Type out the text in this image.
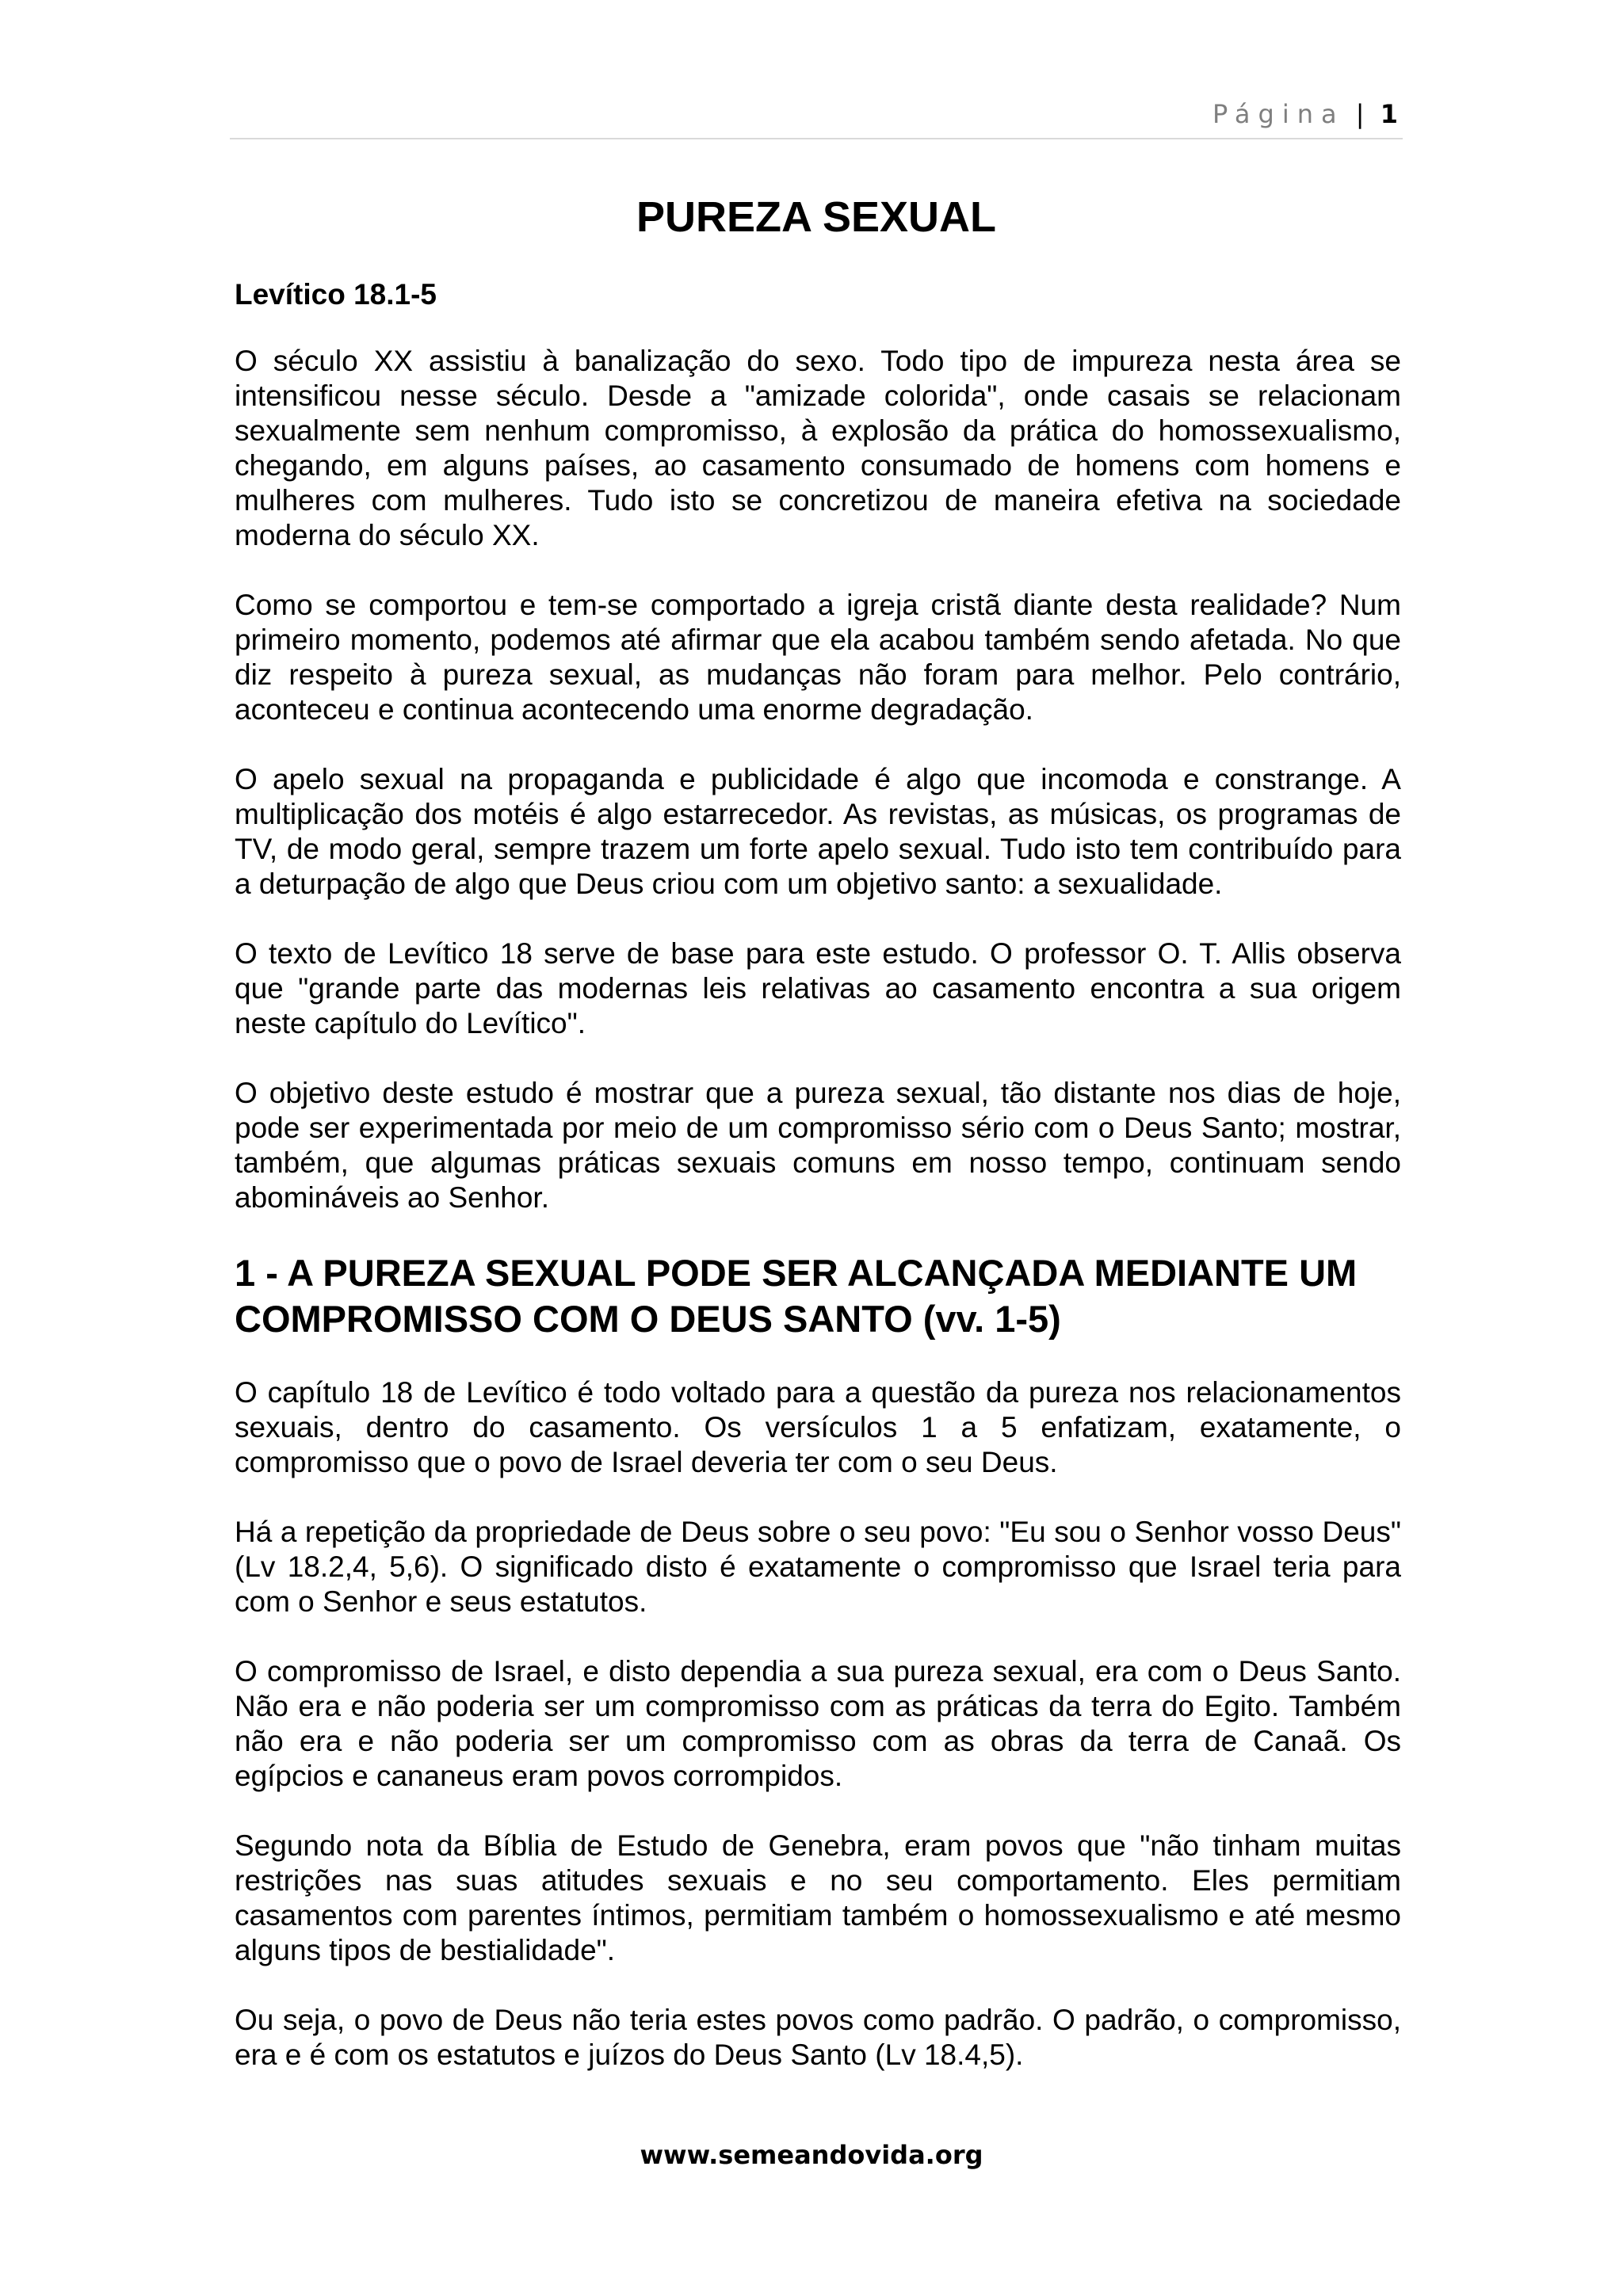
Página | 1
PUREZA SEXUAL
Levítico 18.1-5

O século XX assistiu à banalização do sexo. Todo tipo de impureza nesta área se intensificou nesse século. Desde a "amizade colorida", onde casais se relacionam sexualmente sem nenhum compromisso, à explosão da prática do homossexualismo, chegando, em alguns países, ao casamento consumado de homens com homens e mulheres com mulheres. Tudo isto se concretizou de maneira efetiva na sociedade moderna do século XX.

Como se comportou e tem-se comportado a igreja cristã diante desta realidade? Num primeiro momento, podemos até afirmar que ela acabou também sendo afetada. No que diz respeito à pureza sexual, as mudanças não foram para melhor. Pelo contrário, aconteceu e continua acontecendo uma enorme degradação.

O apelo sexual na propaganda e publicidade é algo que incomoda e constrange. A multiplicação dos motéis é algo estarrecedor. As revistas, as músicas, os programas de TV, de modo geral, sempre trazem um forte apelo sexual. Tudo isto tem contribuído para a deturpação de algo que Deus criou com um objetivo santo: a sexualidade.

O texto de Levítico 18 serve de base para este estudo. O professor O. T. Allis observa que "grande parte das modernas leis relativas ao casamento encontra a sua origem neste capítulo do Levítico".

O objetivo deste estudo é mostrar que a pureza sexual, tão distante nos dias de hoje, pode ser experimentada por meio de um compromisso sério com o Deus Santo; mostrar, também, que algumas práticas sexuais comuns em nosso tempo, continuam sendo abomináveis ao Senhor.

1 - A PUREZA SEXUAL PODE SER ALCANÇADA MEDIANTE UM COMPROMISSO COM O DEUS SANTO (vv. 1-5)

O capítulo 18 de Levítico é todo voltado para a questão da pureza nos relacionamentos sexuais, dentro do casamento. Os versículos 1 a 5 enfatizam, exatamente, o compromisso que o povo de Israel deveria ter com o seu Deus.

Há a repetição da propriedade de Deus sobre o seu povo: "Eu sou o Senhor vosso Deus" (Lv 18.2,4, 5,6). O significado disto é exatamente o compromisso que Israel teria para com o Senhor e seus estatutos.

O compromisso de Israel, e disto dependia a sua pureza sexual, era com o Deus Santo. Não era e não poderia ser um compromisso com as práticas da terra do Egito. Também não era e não poderia ser um compromisso com as obras da terra de Canaã. Os egípcios e cananeus eram povos corrompidos.

Segundo nota da Bíblia de Estudo de Genebra, eram povos que "não tinham muitas restrições nas suas atitudes sexuais e no seu comportamento. Eles permitiam casamentos com parentes íntimos, permitiam também o homossexualismo e até mesmo alguns tipos de bestialidade".

Ou seja, o povo de Deus não teria estes povos como padrão. O padrão, o compromisso, era e é com os estatutos e juízos do Deus Santo (Lv 18.4,5).

www.semeandovida.org
